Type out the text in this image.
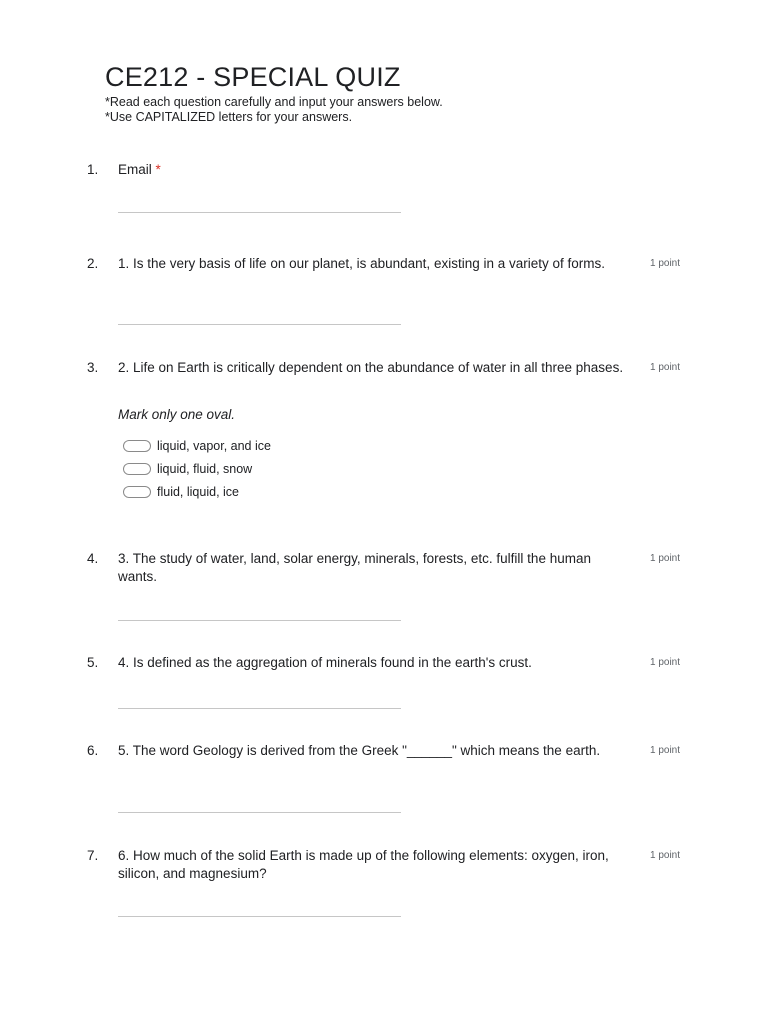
CE212 - SPECIAL QUIZ
*Read each question carefully and input your answers below.
*Use CAPITALIZED letters for your answers.
1. Email *
2. 1. Is the very basis of life on our planet, is abundant, existing in a variety of forms.	1 point
3. 2. Life on Earth is critically dependent on the abundance of water in all three phases.	1 point
Mark only one oval.
liquid, vapor, and ice
liquid, fluid, snow
fluid, liquid, ice
4. 3. The study of water, land, solar energy, minerals, forests, etc. fulfill the human wants.
1 point
5. 4. Is defined as the aggregation of minerals found in the earth's crust.	1 point
6. 5. The word Geology is derived from the Greek "______" which means the earth.	1 point
7. 6. How much of the solid Earth is made up of the following elements: oxygen, iron, silicon, and magnesium?
1 point
